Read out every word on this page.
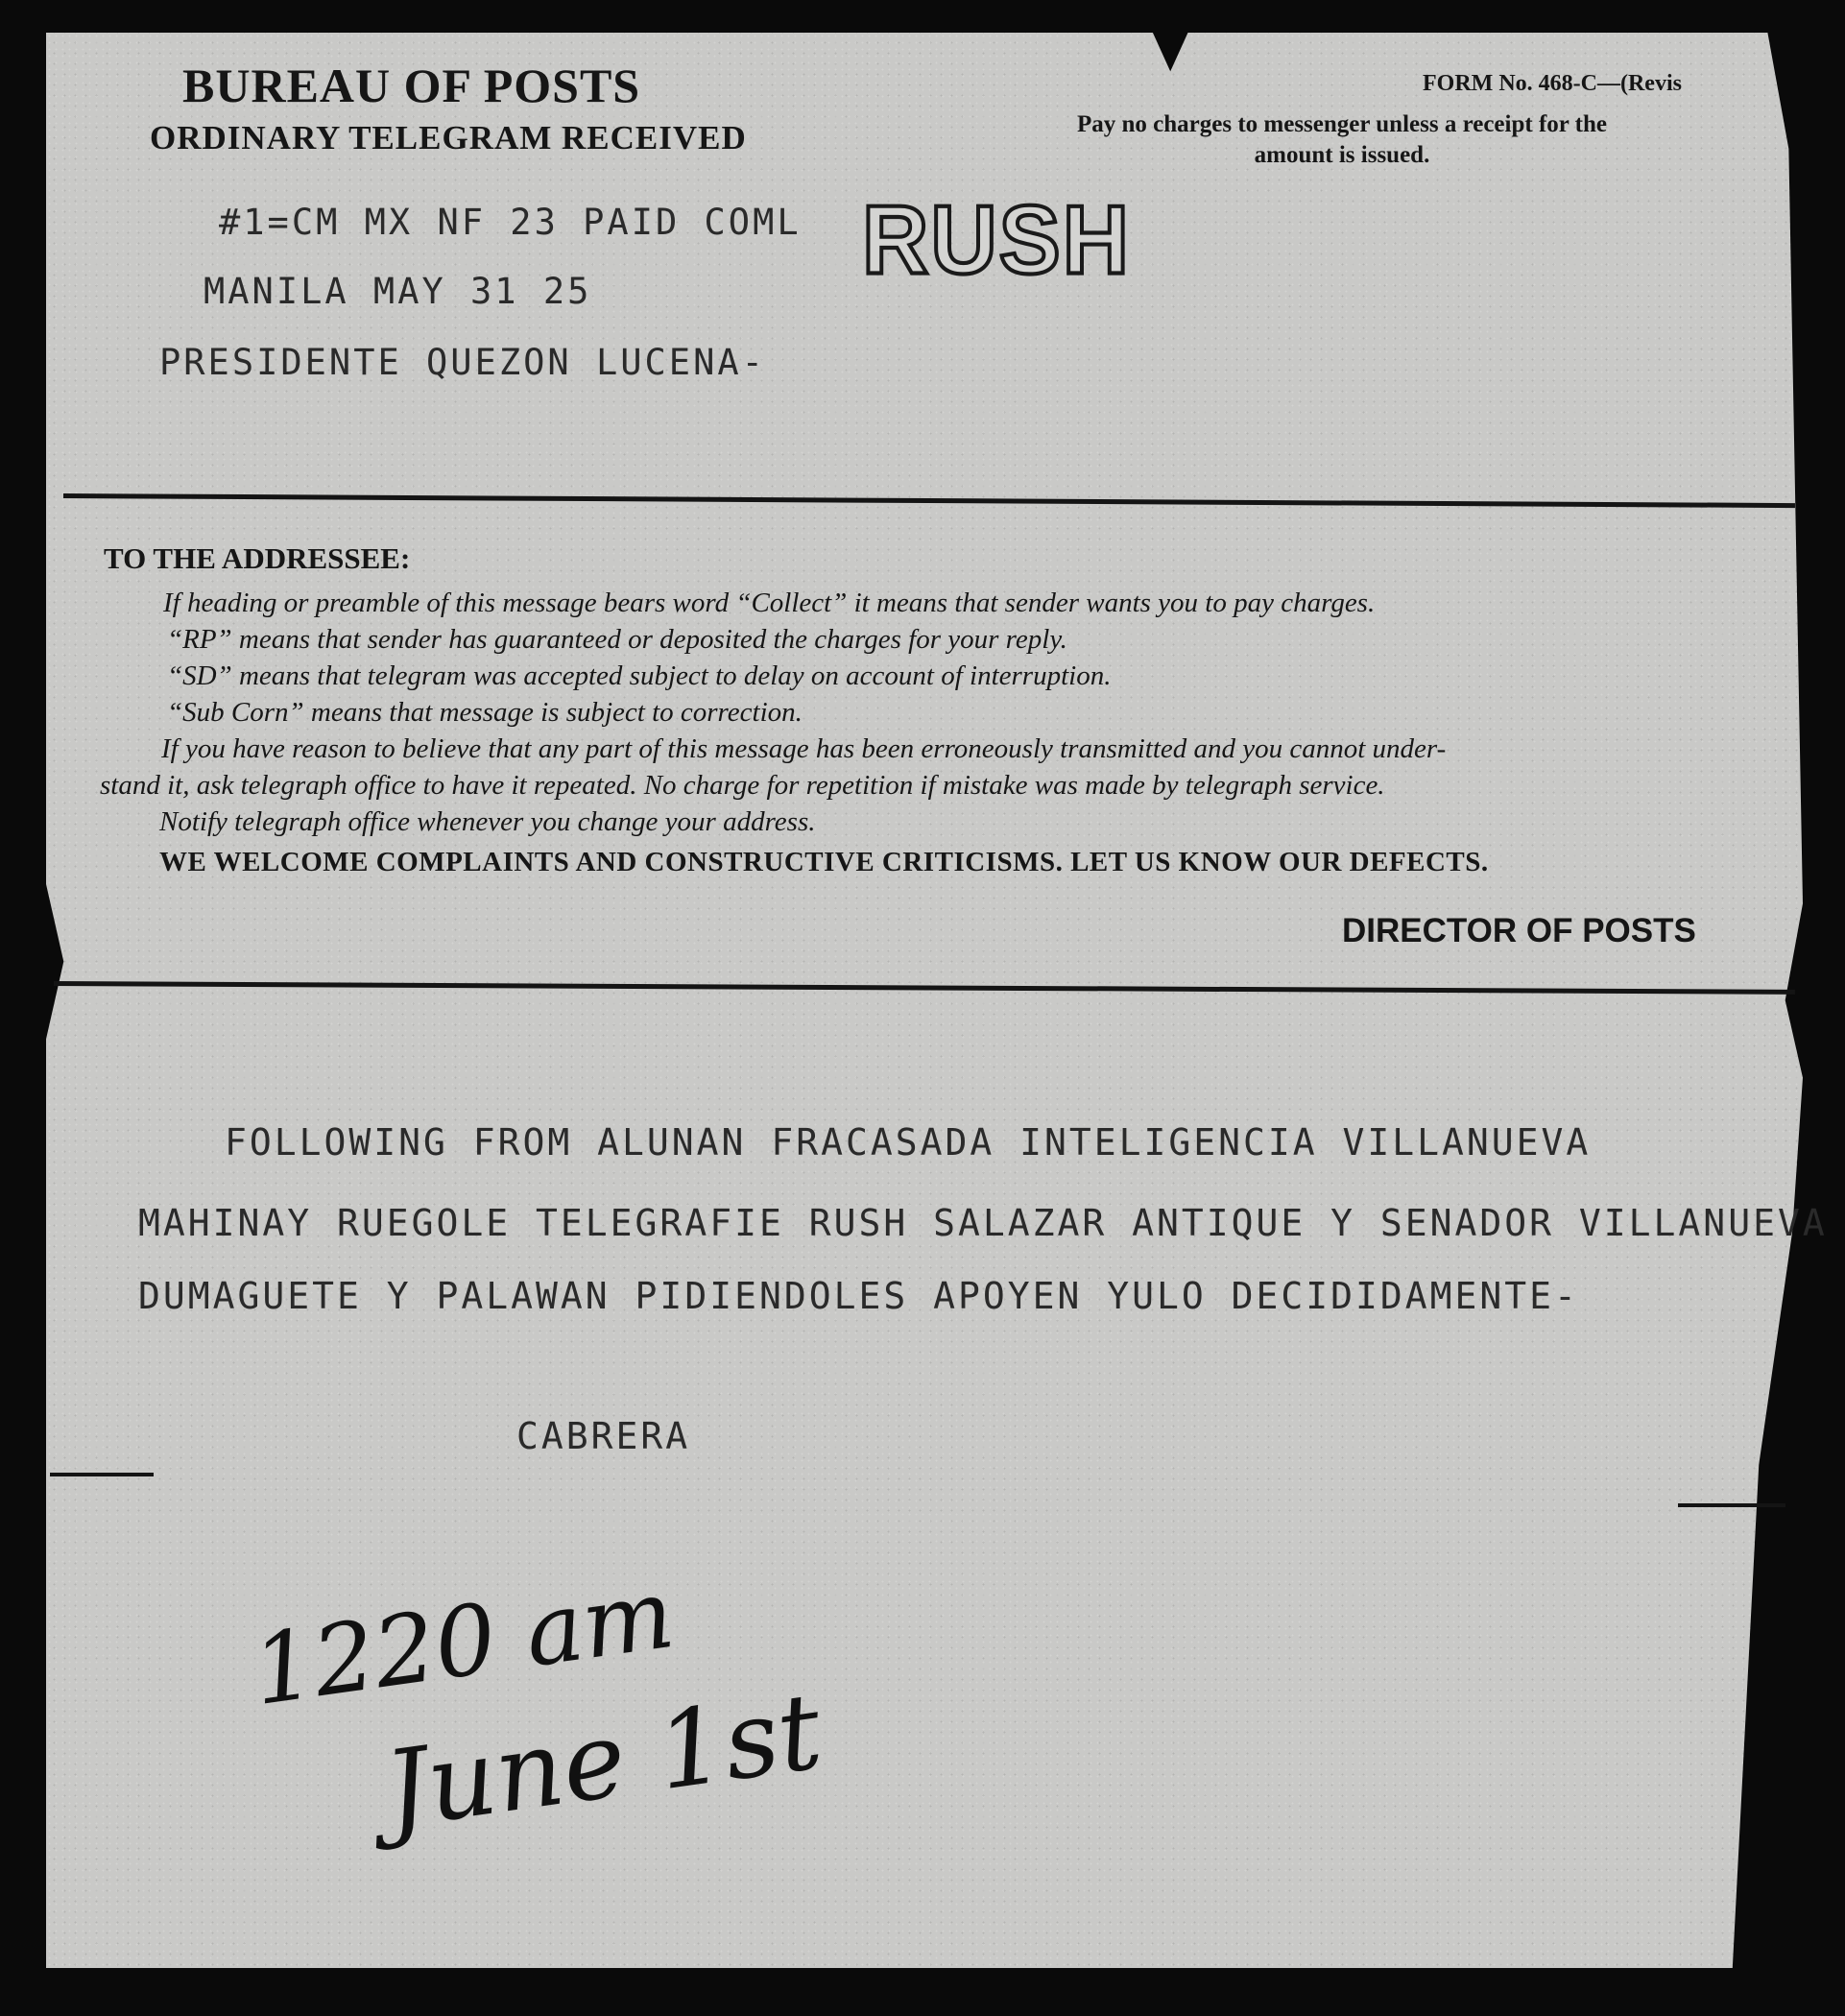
BUREAU OF POSTS
ORDINARY TELEGRAM RECEIVED
FORM No. 468-C—(Revis
Pay no charges to messenger unless a receipt for the amount is issued.
#1=CM MX NF 23 PAID COML RUSH
MANILA MAY 31 25
PRESIDENTE QUEZON LUCENA-
TO THE ADDRESSEE:
If heading or preamble of this message bears word “Collect” it means that sender wants you to pay charges.
“RP” means that sender has guaranteed or deposited the charges for your reply.
“SD” means that telegram was accepted subject to delay on account of interruption.
“Sub Corn” means that message is subject to correction.
If you have reason to believe that any part of this message has been erroneously transmitted and you cannot under-
stand it, ask telegraph office to have it repeated. No charge for repetition if mistake was made by telegraph service.
Notify telegraph office whenever you change your address.
WE WELCOME COMPLAINTS AND CONSTRUCTIVE CRITICISMS. LET US KNOW OUR DEFECTS.
DIRECTOR OF POSTS
FOLLOWING FROM ALUNAN FRACASADA INTELIGENCIA VILLANUEVA
MAHINAY RUEGOLE TELEGRAFIE RUSH SALAZAR ANTIQUE Y SENADOR VILLANUEVA
DUMAGUETE Y PALAWAN PIDIENDOLES APOYEN YULO DECIDIDAMENTE-
CABRERA
1220 am
June 1st
